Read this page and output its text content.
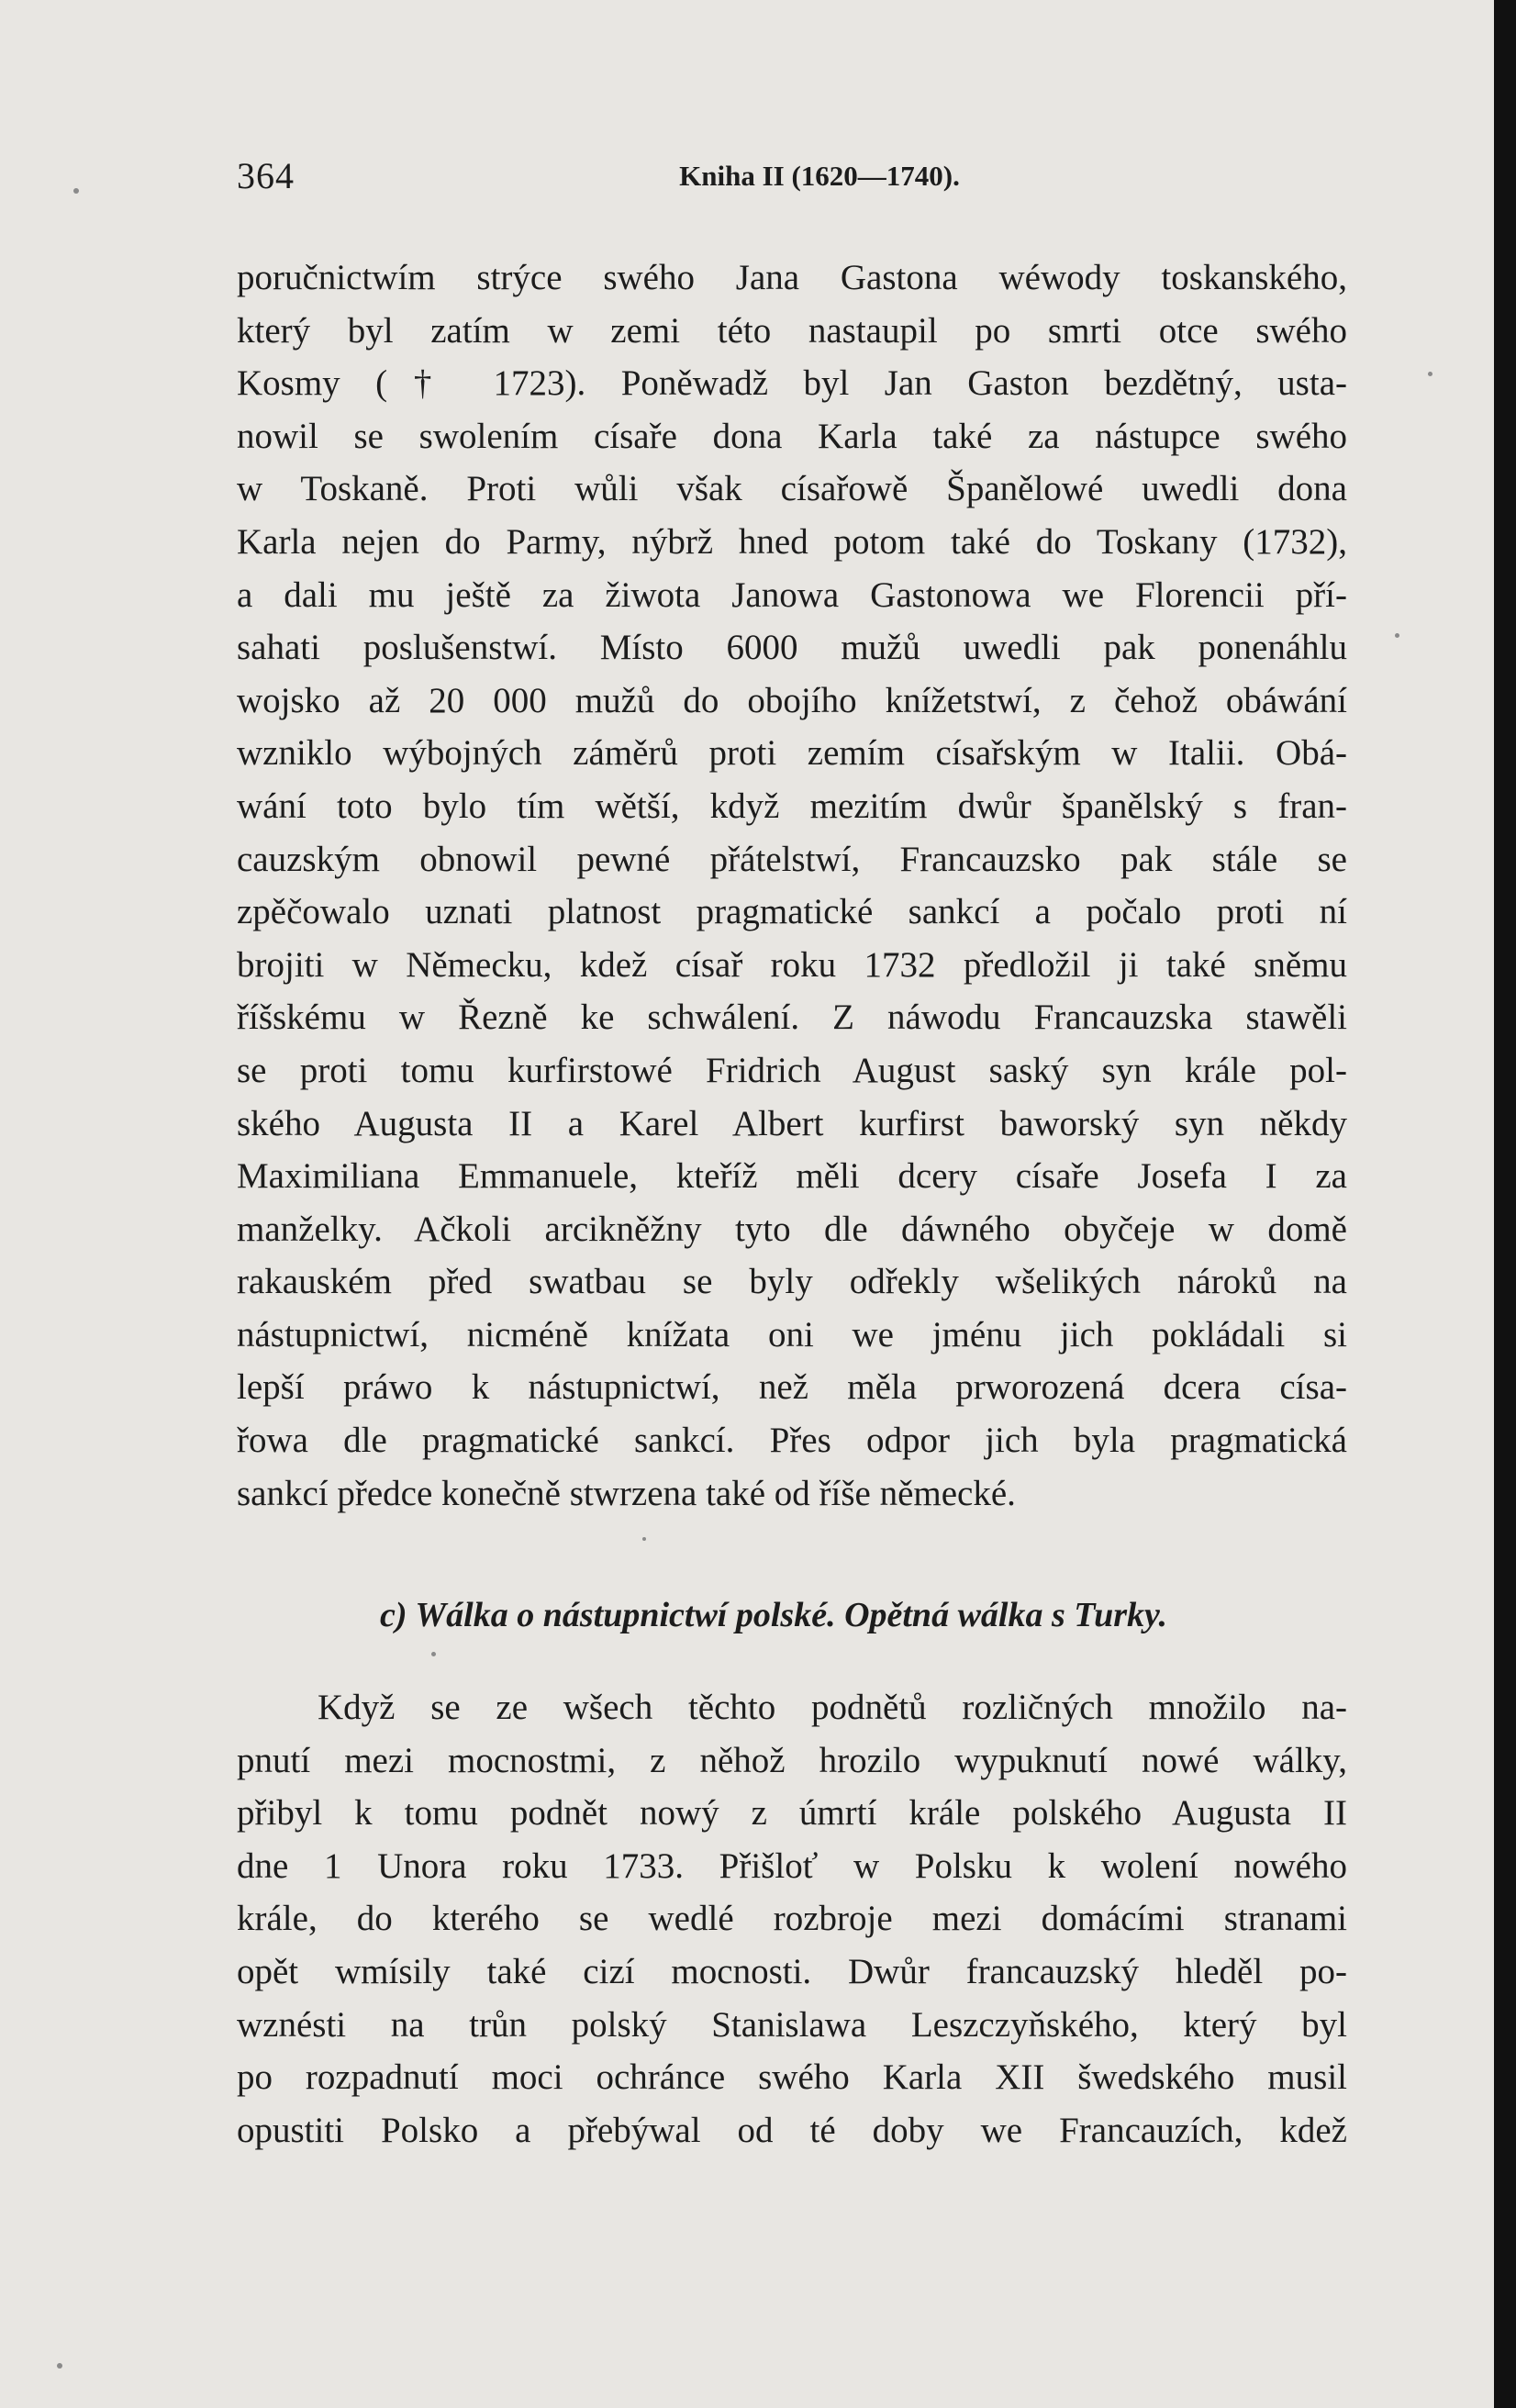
364	Kniha II (1620—1740).
poručnictwím strýce swého Jana Gastona wéwody toskanského,
který byl zatím w zemi této nastaupil po smrti otce swého
Kosmy († 1723). Poněwadž byl Jan Gaston bezdětný, usta-
nowil se swolením císaře dona Karla také za nástupce swého
w Toskaně. Proti wůli však císařowě Španělowé uwedli dona
Karla nejen do Parmy, nýbrž hned potom také do Toskany (1732),
a dali mu ještě za žiwota Janowa Gastonowa we Florencii pří-
sahati poslušenstwí. Místo 6000 mužů uwedli pak ponenáhlu
wojsko až 20 000 mužů do obojího knížetstwí, z čehož obáwání
wzniklo wýbojných záměrů proti zemím císařským w Italii. Obá-
wání toto bylo tím wětší, když mezitím dwůr španělský s fran-
cauzským obnowil pewné přátelstwí, Francauzsko pak stále se
zpěčowalo uznati platnost pragmatické sankcí a počalo proti ní
brojiti w Německu, kdež císař roku 1732 předložil ji také sněmu
říšskému w Řezně ke schwálení. Z náwodu Francauzska stawěli
se proti tomu kurfirstowé Fridrich August saský syn krále pol-
ského Augusta II a Karel Albert kurfirst baworský syn někdy
Maximiliana Emmanuele, kteříž měli dcery císaře Josefa I za
manželky. Ačkoli arcikněžny tyto dle dáwného obyčeje w domě
rakauském před swatbau se byly odřekly wšelikých nároků na
nástupnictwí, nicméně knížata oni we jménu jich pokládali si
lepší práwo k nástupnictwí, než měla prworozená dcera císa-
řowa dle pragmatické sankcí. Přes odpor jich byla pragmatická
sankcí předce konečně stwrzena také od říše německé.
c) Wálka o nástupnictwí polské. Opětná wálka s Turky.
Když se ze wšech těchto podnětů rozličných množilo na-
pnutí mezi mocnostmi, z něhož hrozilo wypuknutí nowé wálky,
přibyl k tomu podnět nowý z úmrtí krále polského Augusta II
dne 1 Unora roku 1733. Přišloť w Polsku k wolení nowého
krále, do kterého se wedlé rozbroje mezi domácími stranami
opět wmísily také cizí mocnosti. Dwůr francauzský hleděl po-
wznésti na trůn polský Stanislawa Leszczyňského, který byl
po rozpadnutí moci ochránce swého Karla XII šwedského musil
opustiti Polsko a přebýwal od té doby we Francauzích, kdež
